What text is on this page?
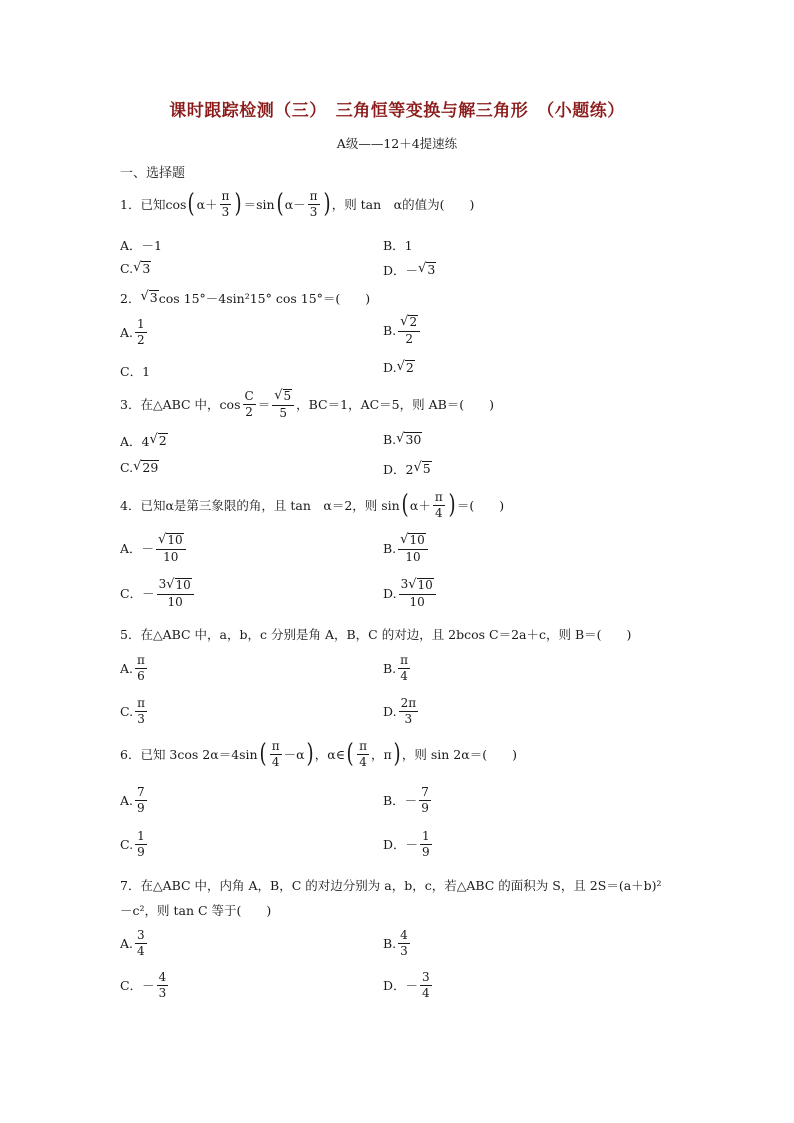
课时跟踪检测（三）　三角恒等变换与解三角形　（小题练）
A级——12＋4提速练
一、选择题
1．已知 cos ( $\alpha+ \frac{\pi}{3}$ ) ＝sin ( $\alpha- \frac{\pi}{3}$ ) ，则 tan　α的值为(　　)
A．－1	B．1
C. √ 3	D．－ √ 3
2． √ 3 cos 15°－4sin²15° cos 15°＝(　　)
A. $\frac{1}{2}$	B. $\frac{√ 2}{2}$
C．1	D. √ 2
3．在△ABC 中，$\cos \frac{C}{2} = \frac{√ 5}{5}$ ，BC＝1，AC＝5，则 AB＝(　　)
A．4 √ 2	B. √ 30
C. √ 29	D．2 √ 5
4．已知α是第三象限的角，且 tan　α＝2，则 sin ( $\alpha+ \frac{\pi}{4}$ ) ＝(　　)
A．－ $\frac{√ 10}{10}$	B. $\frac{√ 10}{10}$
C．－ $\frac{3 √ 10}{10}$	D. $\frac{3 √ 10}{10}$
5．在△ABC 中，a，b，c 分别是角 A，B，C 的对边，且 2bcos C＝2a＋c，则 B＝(　　)
A. $\frac{\pi}{6}$	B. $\frac{\pi}{4}$
C. $\frac{\pi}{3}$	D. $\frac{2\pi}{3}$
6．已知 3cos 2α＝4sin ( $\frac{\pi}{4} -\alpha$ ) ，α∈ ( $\frac{\pi}{4}$ ，π ) ，则 sin 2α＝(　　)
A. $\frac{7}{9}$	B．－ $\frac{7}{9}$
C. $\frac{1}{9}$	D．－ $\frac{1}{9}$
7．在△ABC 中，内角 A，B，C 的对边分别为 a，b，c，若△ABC 的面积为 S，且 2S＝(a＋b)²
－c²，则 tan C 等于(　　)
A. $\frac{3}{4}$	B. $\frac{4}{3}$
C．－ $\frac{4}{3}$	D．－ $\frac{3}{4}$
